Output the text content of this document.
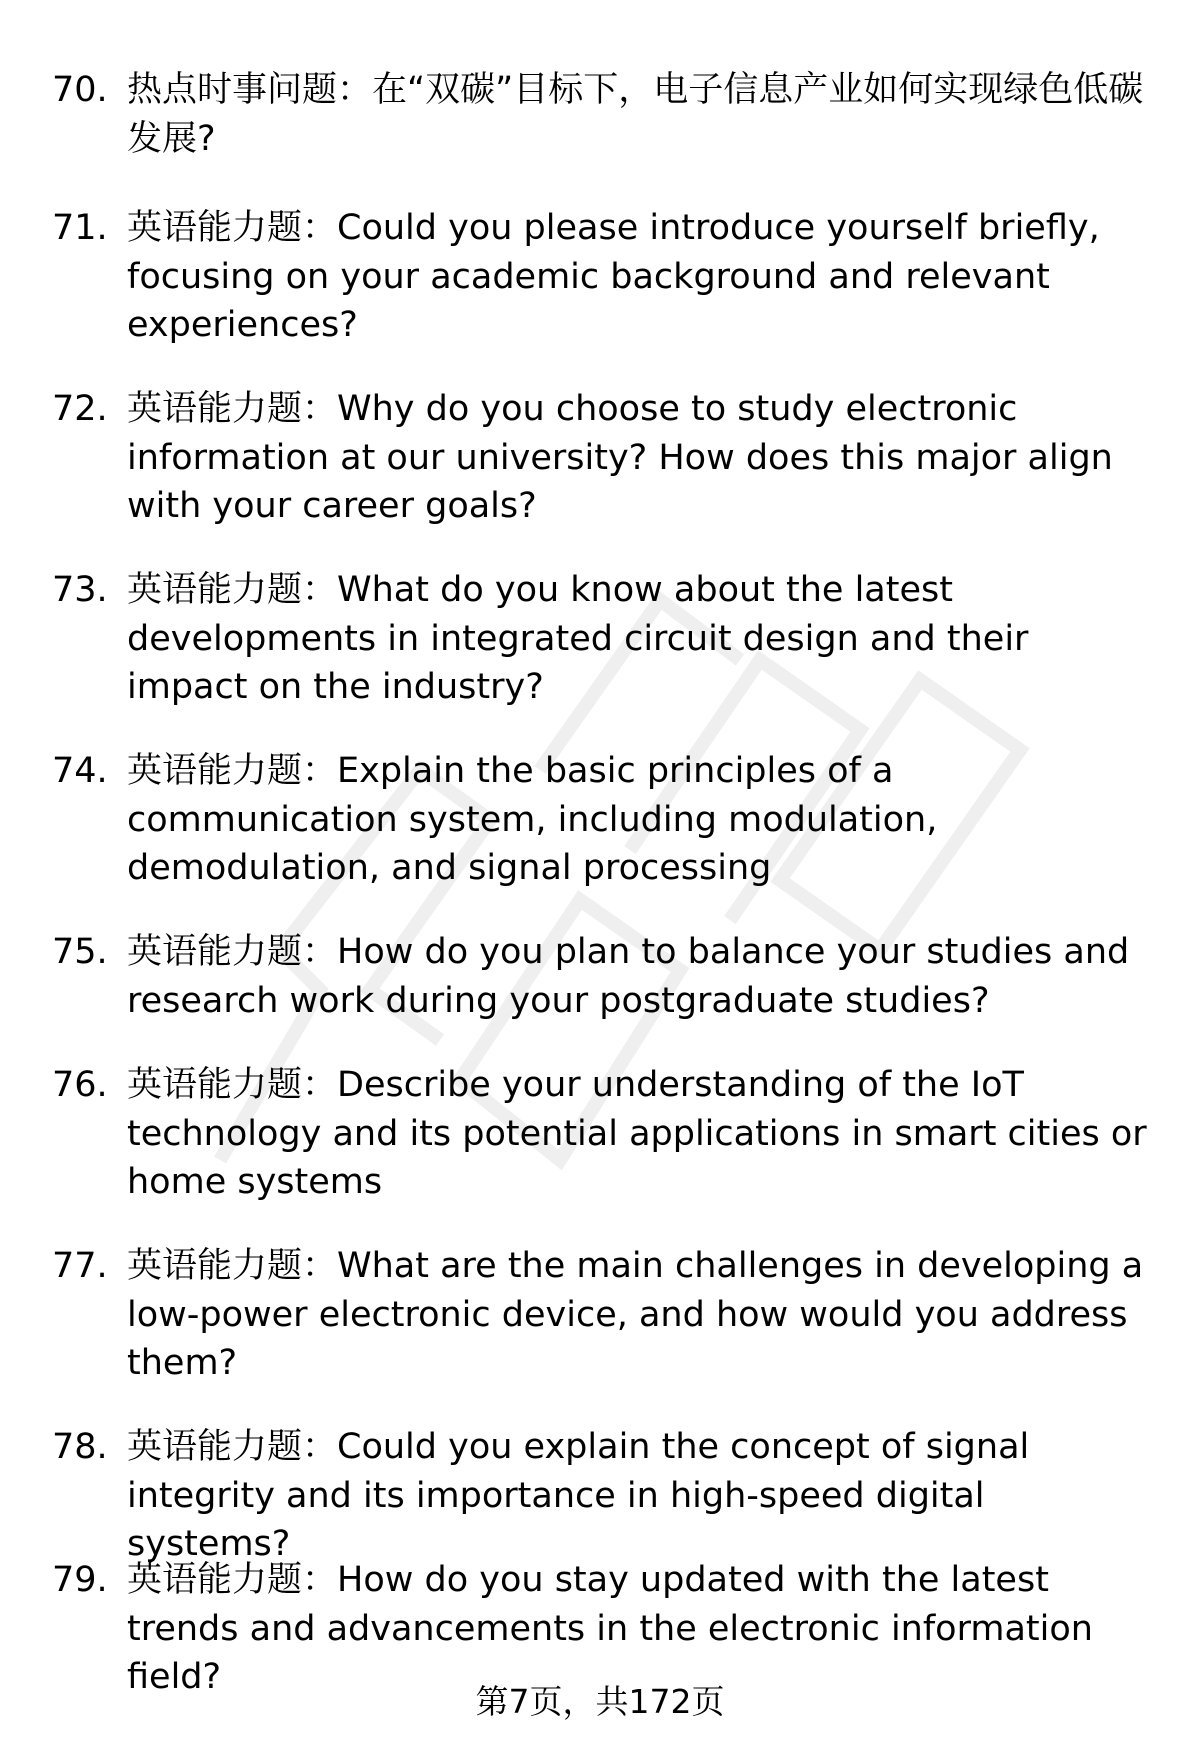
70. 热点时事问题：在“双碳”目标下，电子信息产业如何实现绿色低碳发展?
71. 英语能力题：Could you please introduce yourself briefly, focusing on your academic background and relevant experiences?
72. 英语能力题：Why do you choose to study electronic information at our university? How does this major align with your career goals?
73. 英语能力题：What do you know about the latest developments in integrated circuit design and their impact on the industry?
74. 英语能力题：Explain the basic principles of a communication system, including modulation, demodulation, and signal processing
75. 英语能力题：How do you plan to balance your studies and research work during your postgraduate studies?
76. 英语能力题：Describe your understanding of the IoT technology and its potential applications in smart cities or home systems
77. 英语能力题：What are the main challenges in developing a low-power electronic device, and how would you address them?
78. 英语能力题：Could you explain the concept of signal integrity and its importance in high-speed digital systems?
79. 英语能力题：How do you stay updated with the latest trends and advancements in the electronic information field?
第7页，共172页
